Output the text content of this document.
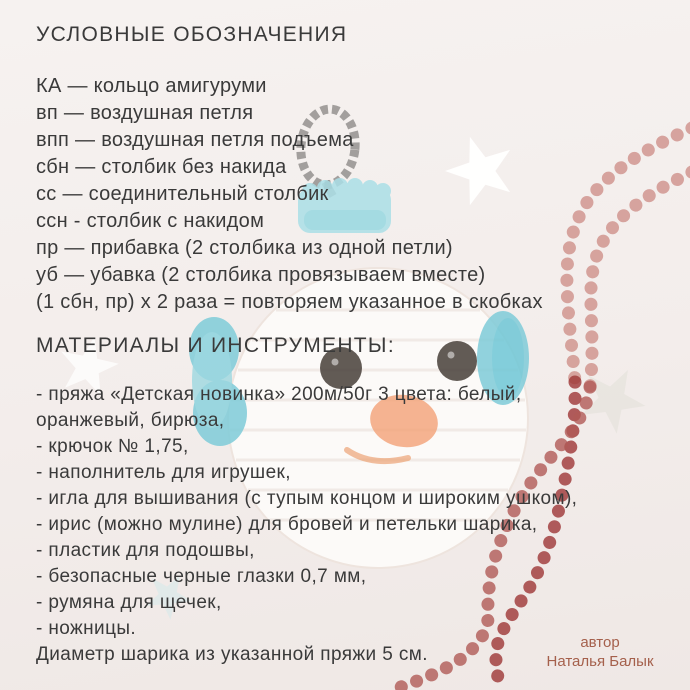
УСЛОВНЫЕ ОБОЗНАЧЕНИЯ
КА — кольцо амигуруми
вп — воздушная петля
впп — воздушная петля подъема
сбн — столбик без накида
сс — соединительный столбик
ссн - столбик с накидом
пр — прибавка (2 столбика из одной петли)
уб — убавка (2 столбика провязываем вместе)
(1 сбн, пр) х 2 раза = повторяем указанное в скобках
МАТЕРИАЛЫ И ИНСТРУМЕНТЫ:
- пряжа «Детская новинка» 200м/50г 3 цвета: белый,
оранжевый, бирюза,
- крючок № 1,75,
- наполнитель для игрушек,
- игла для вышивания (с тупым концом и широким ушком),
- ирис (можно мулине) для бровей и петельки шарика,
- пластик для подошвы,
- безопасные черные глазки 0,7 мм,
- румяна для щечек,
- ножницы.
Диаметр шарика из указанной пряжи 5 см.
автор
Наталья Балык
